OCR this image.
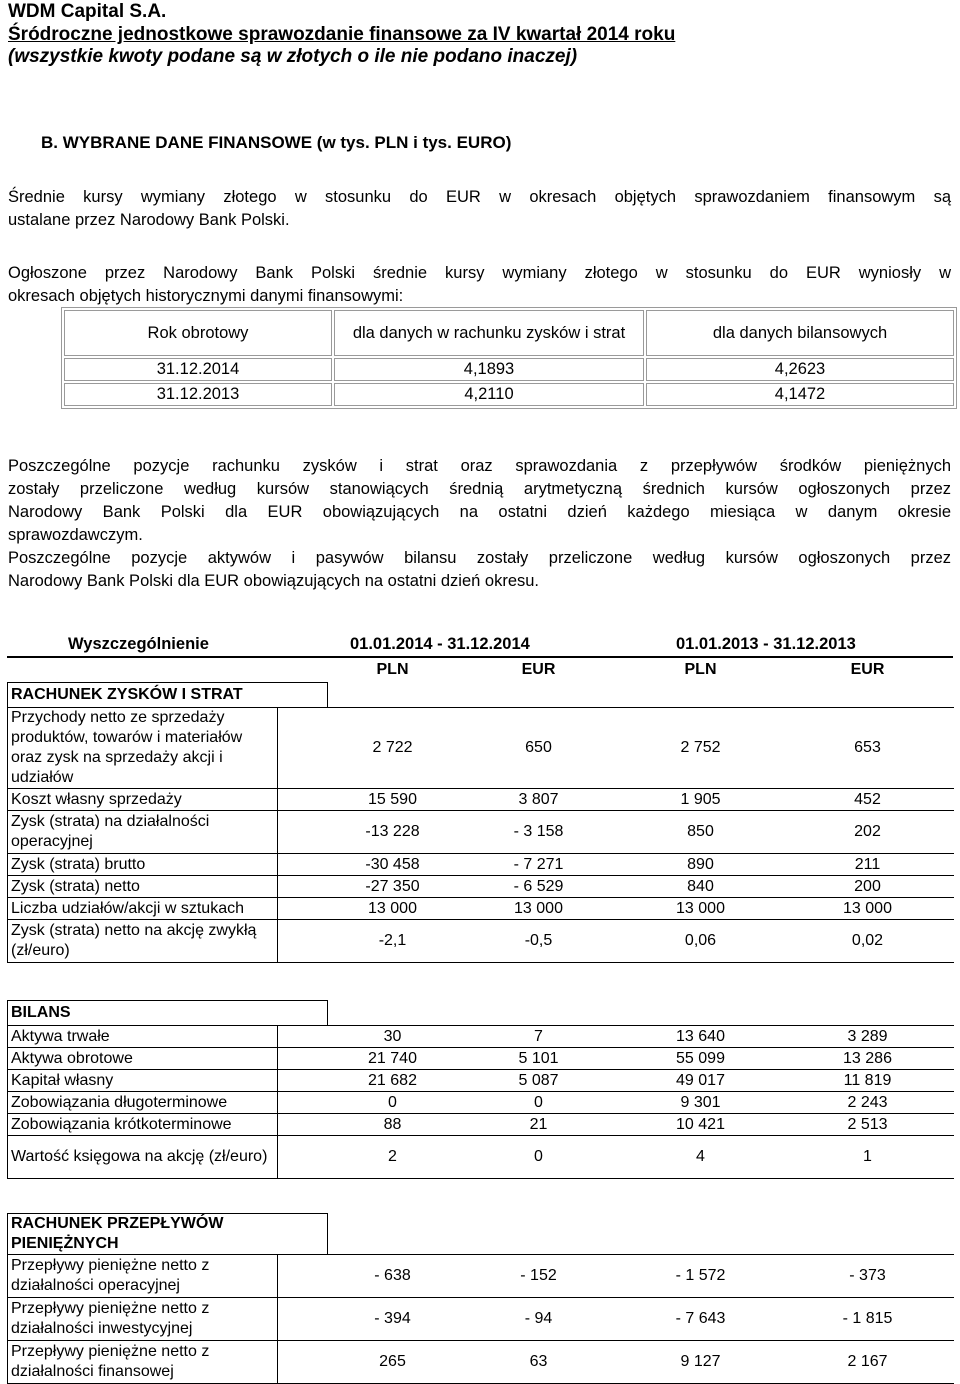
WDM Capital S.A.
Śródroczne jednostkowe sprawozdanie finansowe za IV kwartał 2014 roku
(wszystkie kwoty podane są w złotych o ile nie podano inaczej)
B. WYBRANE DANE FINANSOWE (w tys. PLN i tys. EURO)
Średnie kursy wymiany złotego w stosunku do EUR w okresach objętych sprawozdaniem finansowym są
ustalane przez Narodowy Bank Polski.
Ogłoszone przez Narodowy Bank Polski średnie kursy wymiany złotego w stosunku do EUR wyniosły w
okresach objętych historycznymi danymi finansowymi:
Rok obrotowy	dla danych w rachunku zysków i strat	dla danych bilansowych
31.12.2014	4,1893	4,2623
31.12.2013	4,2110	4,1472
Poszczególne pozycje rachunku zysków i strat oraz sprawozdania z przepływów środków pieniężnych
zostały przeliczone według kursów stanowiących średnią arytmetyczną średnich kursów ogłoszonych przez
Narodowy Bank Polski dla EUR obowiązujących na ostatni dzień każdego miesiąca w danym okresie
sprawozdawczym.
Poszczególne pozycje aktywów i pasywów bilansu zostały przeliczone według kursów ogłoszonych przez
Narodowy Bank Polski dla EUR obowiązujących na ostatni dzień okresu.
Wyszczególnienie	01.01.2014 - 31.12.2014	01.01.2013 - 31.12.2013
		PLN	EUR	PLN	EUR
RACHUNEK ZYSKÓW I STRAT					
Przychody netto ze sprzedaży produktów, towarów i materiałów oraz zysk na sprzedaży akcji i udziałów		2 722	650	2 752	653
Koszt własny sprzedaży		15 590	3 807	1 905	452
Zysk (strata) na działalności operacyjnej		-13 228	- 3 158	850	202
Zysk (strata) brutto		-30 458	- 7 271	890	211
Zysk (strata) netto		-27 350	- 6 529	840	200
Liczba udziałów/akcji w sztukach		13 000	13 000	13 000	13 000
Zysk (strata) netto na akcję zwykłą (zł/euro)		-2,1	-0,5	0,06	0,02
BILANS					
Aktywa trwałe		30	7	13 640	3 289
Aktywa obrotowe		21 740	5 101	55 099	13 286
Kapitał własny		21 682	5 087	49 017	11 819
Zobowiązania długoterminowe		0	0	9 301	2 243
Zobowiązania krótkoterminowe		88	21	10 421	2 513
Wartość księgowa na akcję (zł/euro)		2	0	4	1
RACHUNEK PRZEPŁYWÓW PIENIĘŻNYCH					
Przepływy pieniężne netto z działalności operacyjnej		- 638	- 152	- 1 572	- 373
Przepływy pieniężne netto z działalności inwestycyjnej		- 394	- 94	- 7 643	- 1 815
Przepływy pieniężne netto z działalności finansowej		265	63	9 127	2 167
